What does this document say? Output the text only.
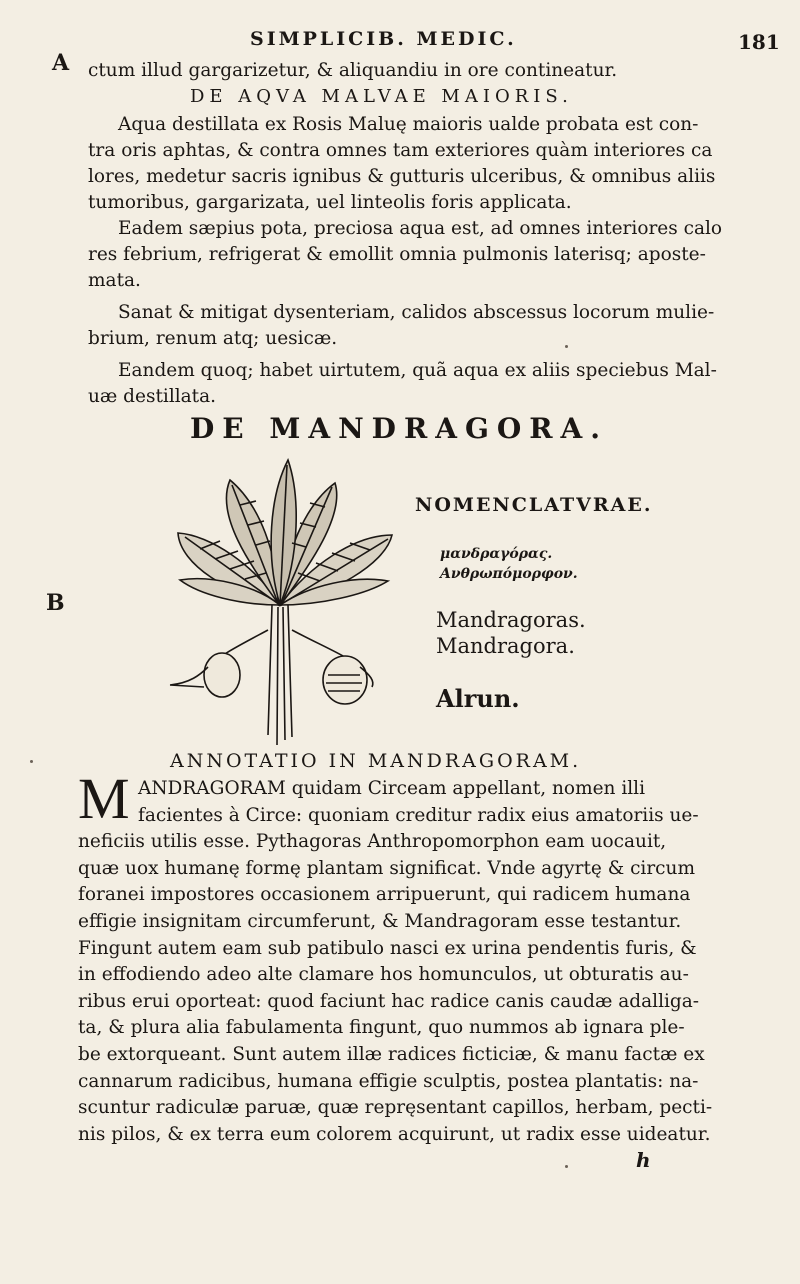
SIMPLICIB. MEDIC.	181
A
B
ctum illud gargarizetur, & aliquandiu in ore contineatur.
DE AQVA MALVAE MAIORIS.
Aqua destillata ex Rosis Maluę maioris ualde probata est con-
tra oris aphtas, & contra omnes tam exteriores quàm interiores ca
lores, medetur sacris ignibus & gutturis ulceribus, & omnibus aliis
tumoribus, gargarizata, uel linteolis foris applicata.
Eadem sæpius pota, preciosa aqua est, ad omnes interiores calo
res febrium, refrigerat & emollit omnia pulmonis laterisq; aposte-
mata.
Sanat & mitigat dysenteriam, calidos abscessus locorum mulie-
brium, renum atq; uesicæ.
Eandem quoq; habet uirtutem, quã aqua ex aliis speciebus Mal-
uæ destillata.
DE MANDRAGORA.
NOMENCLATVRAE.
μανδραγόρας.
Ανθρωπόμορφον.
Mandragoras.
Mandragora.
Alrun.
ANNOTATIO IN MANDRAGORAM.
M ANDRAGORAM quidam Circeam appellant, nomen illi
facientes à Circe: quoniam creditur radix eius amatoriis ue-
neficiis utilis esse. Pythagoras Anthropomorphon eam uocauit,
quæ uox humanę formę plantam significat. Vnde agyrtę & circum
foranei impostores occasionem arripuerunt, qui radicem humana
effigie insignitam circumferunt, & Mandragoram esse testantur.
Fingunt autem eam sub patibulo nasci ex urina pendentis furis, &
in effodiendo adeo alte clamare hos homunculos, ut obturatis au-
ribus erui oporteat: quod faciunt hac radice canis caudæ adalliga-
ta, & plura alia fabulamenta fingunt, quo nummos ab ignara ple-
be extorqueant. Sunt autem illæ radices ficticiæ, & manu factæ ex
cannarum radicibus, humana effigie sculptis, postea plantatis: na-
scuntur radiculæ paruæ, quæ repręsentant capillos, herbam, pecti-
nis pilos, & ex terra eum colorem acquirunt, ut radix esse uideatur.
h
